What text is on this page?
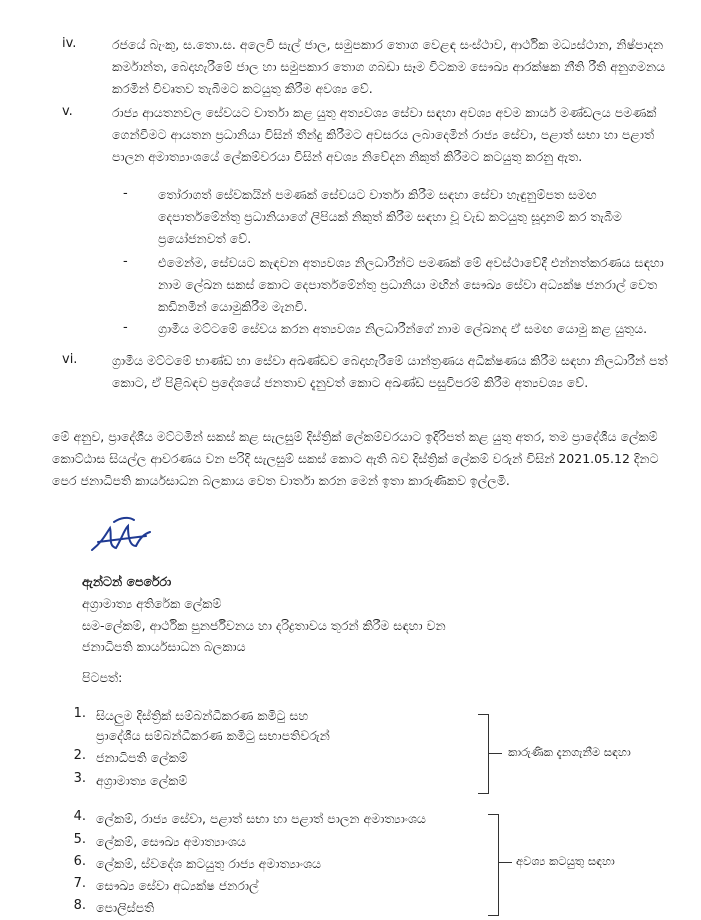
iv.	රජයේ බැංකු, ස.තො.ස. අලෙවි සැල් ජාල, සමුපකාර තොග වෙළඳ සංස්ථාව, ආර්ථික මධ්‍යස්ථාන, නිෂ්පාදන කර්මාන්ත, බෙදාහැරීමේ ජාල හා සමුපකාර තොග ගබඩා සෑම විටකම සෞඛ්‍ය ආරක්ෂක නීති රීති අනුගමනය කරමින් විවෘතව තැබීමට කටයුතු කිරීම අවශ්‍ය වේ.
v.	රාජ්‍ය ආයතනවල සේවයට වාර්තා කළ යුතු අත්‍යවශ්‍ය සේවා සඳහා අවශ්‍ය අවම කාර්ය මණ්ඩලය පමණක් ගෙන්වීමට ආයතන ප්‍රධානියා විසින් තීන්දු කිරීමට අවසරය ලබාදෙමින් රාජ්‍ය සේවා, පළාත් සභා හා පළාත් පාලන අමාත්‍යාංශයේ ලේකම්වරයා විසින් අවශ්‍ය නිවේදන නිකුත් කිරීමට කටයුතු කරනු ඇත.
- තෝරාගත් සේවකයින් පමණක් සේවයට වාර්තා කිරීම සඳහා සේවා හැඳුනුම්පත සමඟ දෙපාර්තමේන්තු ප්‍රධානියාගේ ලිපියක් නිකුත් කිරීම සඳහා වූ වැඩ කටයුතු සූදානම් කර තැබීම ප්‍රයෝජනවත් වේ.
- එමෙන්ම, සේවයට කැඳවන අත්‍යවශ්‍ය නිලධාරීන්ට පමණක් මේ අවස්ථාවේදී එන්නත්කරණය සඳහා නාම ලේඛන සකස් කොට දෙපාර්තමේන්තු ප්‍රධානියා මඟින් සෞඛ්‍ය සේවා අධ්‍යක්ෂ ජනරාල් වෙත කඩිනමින් යොමුකිරීම මැනවි.
- ග්‍රාමීය මට්ටමේ සේවය කරන අත්‍යවශ්‍ය නිලධාරීන්ගේ නාම ලේඛනද ඒ සමඟ යොමු කළ යුතුය.
vi.	ග්‍රාමීය මට්ටමේ භාණ්ඩ හා සේවා අඛණ්ඩව බෙදාහැරීමේ යාන්ත්‍රණය අධීක්ෂණය කිරීම සඳහා නිලධාරීන් පත් කොට, ඒ පිළිබඳව ප්‍රදේශයේ ජනතාව දැනුවත් කොට අඛණ්ඩ පසුවිපරම් කිරීම අත්‍යවශ්‍ය වේ.
මේ අනුව, ප්‍රාදේශීය මට්ටමින් සකස් කළ සැලසුම් දිස්ත්‍රික් ලේකම්වරයාට ඉදිරිපත් කළ යුතු අතර, තම ප්‍රාදේශීය ලේකම් කොට්ඨාස සියල්ල ආවරණය වන පරිදි සැලසුම් සකස් කොට ඇති බව දිස්ත්‍රික් ලේකම් වරුන් විසින් 2021.05.12 දිනට පෙර ජනාධිපති කාර්යසාධන බලකාය වෙත වාර්තා කරන මෙන් ඉතා කාරුණිකව ඉල්ලමි.
ඇන්ටන් පෙරේරා
අග්‍රාමාත්‍ය අතිරේක ලේකම්
සම-ලේකම්, ආර්ථික පුනර්ජීවනය හා දරිද්‍රතාවය තුරන් කිරීම සඳහා වන
ජනාධිපති කාර්යසාධන බලකාය
පිටපත්:
1. සියලුම දිස්ත්‍රික් සම්බන්ධීකරණ කමිටු සහ
ප්‍රාදේශීය සම්බන්ධීකරණ කමිටු සභාපතිවරුන්
2. ජනාධිපති ලේකම්
3. අග්‍රාමාත්‍ය ලේකම්
කාරුණික දැනගැනීම සඳහා
4. ලේකම්, රාජ්‍ය සේවා, පළාත් සභා හා පළාත් පාලන අමාත්‍යාංශය
5. ලේකම්, සෞඛ්‍ය අමාත්‍යාංශය
6. ලේකම්, ස්වදේශ කටයුතු රාජ්‍ය අමාත්‍යාංශය
7. සෞඛ්‍ය සේවා අධ්‍යක්ෂ ජනරාල්
8. පොලිස්පති
අවශ්‍ය කටයුතු සඳහා
